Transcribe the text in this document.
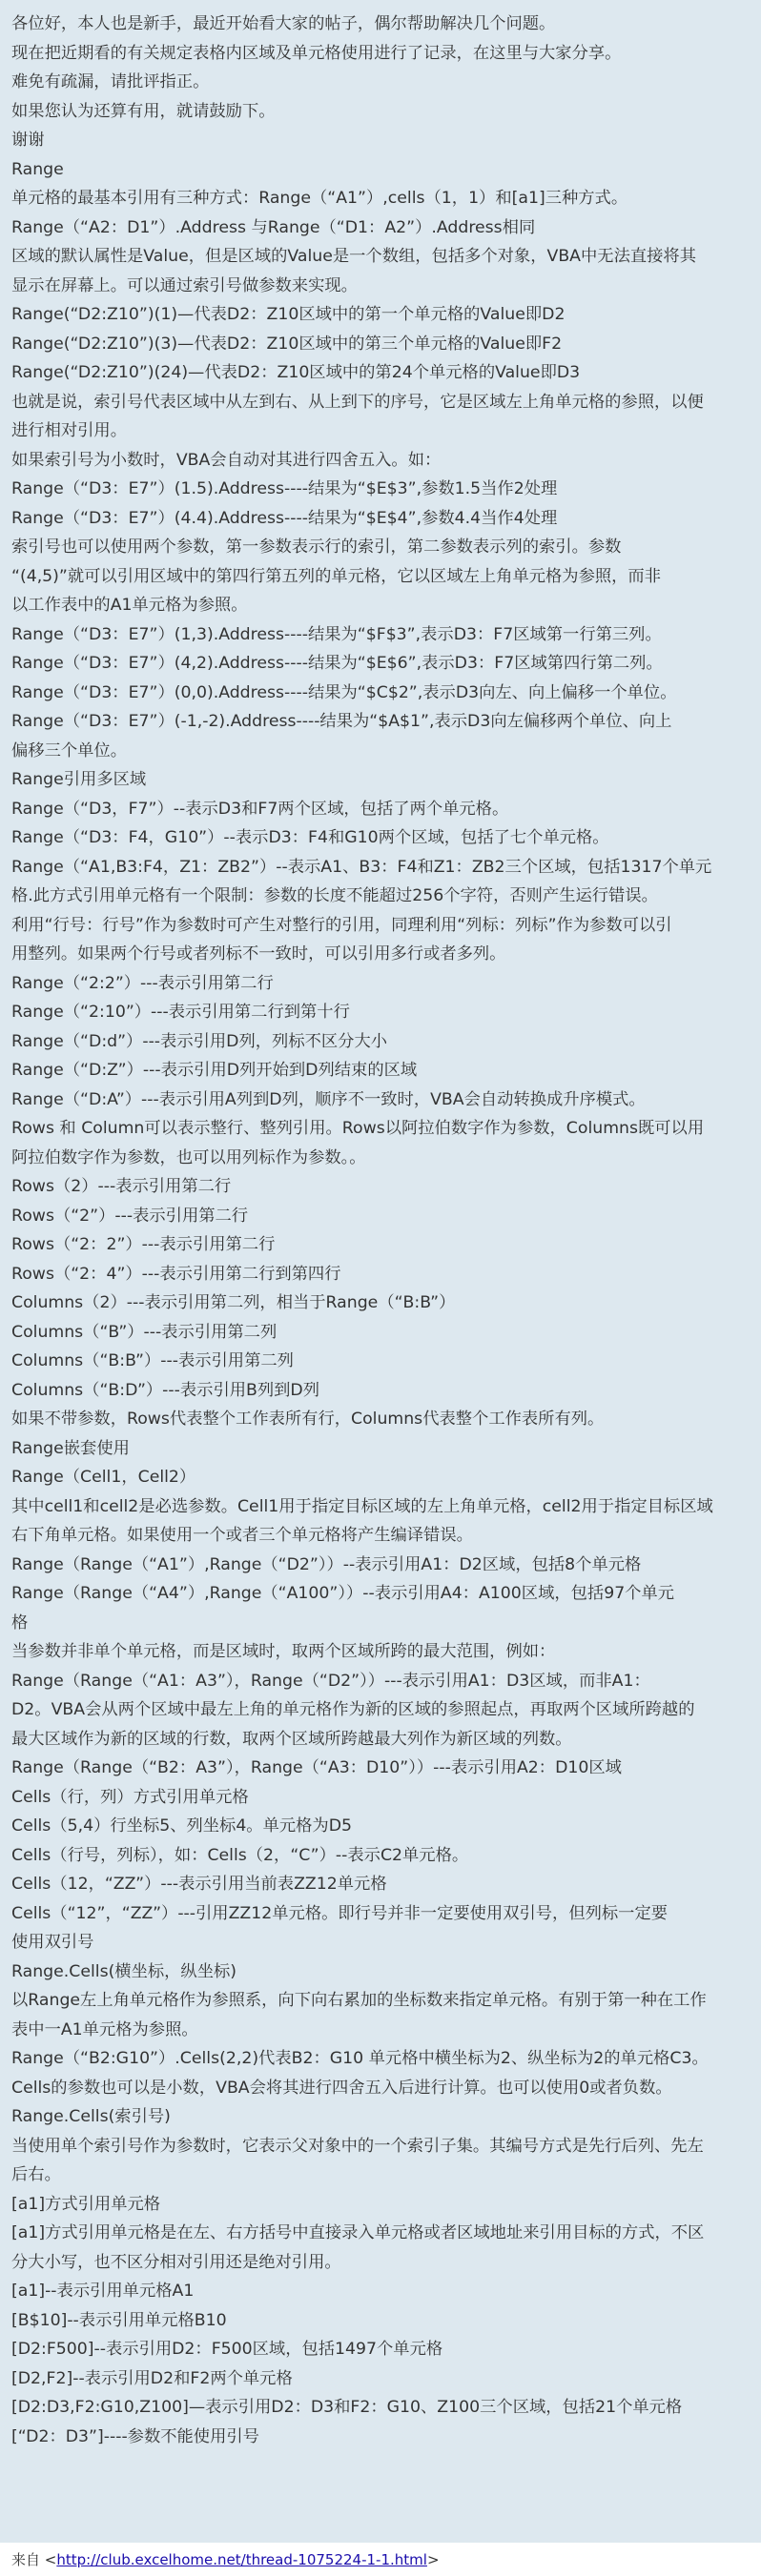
各位好，本人也是新手，最近开始看大家的帖子，偶尔帮助解决几个问题。
现在把近期看的有关规定表格内区域及单元格使用进行了记录，在这里与大家分享。
难免有疏漏，请批评指正。
如果您认为还算有用，就请鼓励下。
谢谢
Range
单元格的最基本引用有三种方式：Range（“A1”）,cells（1，1）和[a1]三种方式。
Range（“A2：D1”）.Address 与Range（“D1：A2”）.Address相同
区域的默认属性是Value，但是区域的Value是一个数组，包括多个对象，VBA中无法直接将其
显示在屏幕上。可以通过索引号做参数来实现。
Range(“D2:Z10”)(1)—代表D2：Z10区域中的第一个单元格的Value即D2
Range(“D2:Z10”)(3)—代表D2：Z10区域中的第三个单元格的Value即F2
Range(“D2:Z10”)(24)—代表D2：Z10区域中的第24个单元格的Value即D3
也就是说，索引号代表区域中从左到右、从上到下的序号，它是区域左上角单元格的参照，以便
进行相对引用。
如果索引号为小数时，VBA会自动对其进行四舍五入。如：
Range（“D3：E7”）(1.5).Address----结果为“$E$3”,参数1.5当作2处理
Range（“D3：E7”）(4.4).Address----结果为“$E$4”,参数4.4当作4处理
索引号也可以使用两个参数，第一参数表示行的索引，第二参数表示列的索引。参数
“(4,5)”就可以引用区域中的第四行第五列的单元格，它以区域左上角单元格为参照，而非
以工作表中的A1单元格为参照。
Range（“D3：E7”）(1,3).Address----结果为“$F$3”,表示D3：F7区域第一行第三列。
Range（“D3：E7”）(4,2).Address----结果为“$E$6”,表示D3：F7区域第四行第二列。
Range（“D3：E7”）(0,0).Address----结果为“$C$2”,表示D3向左、向上偏移一个单位。
Range（“D3：E7”）(-1,-2).Address----结果为“$A$1”,表示D3向左偏移两个单位、向上
偏移三个单位。
Range引用多区域
Range（“D3，F7”）--表示D3和F7两个区域，包括了两个单元格。
Range（“D3：F4，G10”）--表示D3：F4和G10两个区域，包括了七个单元格。
Range（“A1,B3:F4，Z1：ZB2”）--表示A1、B3：F4和Z1：ZB2三个区域，包括1317个单元
格.此方式引用单元格有一个限制：参数的长度不能超过256个字符，否则产生运行错误。
利用“行号：行号”作为参数时可产生对整行的引用，同理利用“列标：列标”作为参数可以引
用整列。如果两个行号或者列标不一致时，可以引用多行或者多列。
Range（“2:2”）---表示引用第二行
Range（“2:10”）---表示引用第二行到第十行
Range（“D:d”）---表示引用D列，列标不区分大小
Range（“D:Z”）---表示引用D列开始到D列结束的区域
Range（“D:A”）---表示引用A列到D列，顺序不一致时，VBA会自动转换成升序模式。
Rows 和 Column可以表示整行、整列引用。Rows以阿拉伯数字作为参数，Columns既可以用
阿拉伯数字作为参数，也可以用列标作为参数。。
Rows（2）---表示引用第二行
Rows（“2”）---表示引用第二行
Rows（“2：2”）---表示引用第二行
Rows（“2：4”）---表示引用第二行到第四行
Columns（2）---表示引用第二列，相当于Range（“B:B”）
Columns（“B”）---表示引用第二列
Columns（“B:B”）---表示引用第二列
Columns（“B:D”）---表示引用B列到D列
如果不带参数，Rows代表整个工作表所有行，Columns代表整个工作表所有列。
Range嵌套使用
Range（Cell1，Cell2）
其中cell1和cell2是必选参数。Cell1用于指定目标区域的左上角单元格，cell2用于指定目标区域
右下角单元格。如果使用一个或者三个单元格将产生编译错误。
Range（Range（“A1”）,Range（“D2”））--表示引用A1：D2区域，包括8个单元格
Range（Range（“A4”）,Range（“A100”））--表示引用A4：A100区域，包括97个单元
格
当参数并非单个单元格，而是区域时，取两个区域所跨的最大范围，例如：
Range（Range（“A1：A3”），Range（“D2”））---表示引用A1：D3区域，而非A1：
D2。VBA会从两个区域中最左上角的单元格作为新的区域的参照起点，再取两个区域所跨越的
最大区域作为新的区域的行数，取两个区域所跨越最大列作为新区域的列数。
Range（Range（“B2：A3”），Range（“A3：D10”））---表示引用A2：D10区域
Cells（行，列）方式引用单元格
Cells（5,4）行坐标5、列坐标4。单元格为D5
Cells（行号，列标），如：Cells（2，“C”）--表示C2单元格。
Cells（12，“ZZ”）---表示引用当前表ZZ12单元格
Cells（“12”，“ZZ”）---引用ZZ12单元格。即行号并非一定要使用双引号，但列标一定要
使用双引号
Range.Cells(横坐标，纵坐标)
以Range左上角单元格作为参照系，向下向右累加的坐标数来指定单元格。有别于第一种在工作
表中一A1单元格为参照。
Range（“B2:G10”）.Cells(2,2)代表B2：G10 单元格中横坐标为2、纵坐标为2的单元格C3。
Cells的参数也可以是小数，VBA会将其进行四舍五入后进行计算。也可以使用0或者负数。
Range.Cells(索引号)
当使用单个索引号作为参数时，它表示父对象中的一个索引子集。其编号方式是先行后列、先左
后右。
[a1]方式引用单元格
[a1]方式引用单元格是在左、右方括号中直接录入单元格或者区域地址来引用目标的方式，不区
分大小写，也不区分相对引用还是绝对引用。
[a1]--表示引用单元格A1
[B$10]--表示引用单元格B10
[D2:F500]--表示引用D2：F500区域，包括1497个单元格
[D2,F2]--表示引用D2和F2两个单元格
[D2:D3,F2:G10,Z100]—表示引用D2：D3和F2：G10、Z100三个区域，包括21个单元格
[“D2：D3”]----参数不能使用引号
来自 <http://club.excelhome.net/thread-1075224-1-1.html>
